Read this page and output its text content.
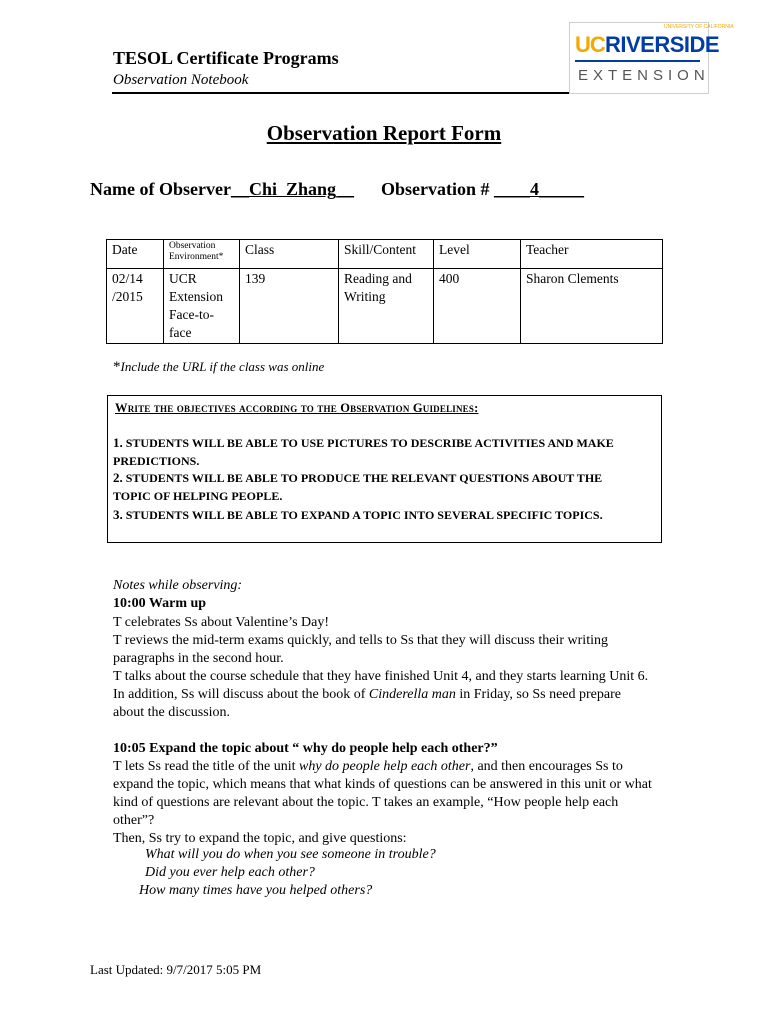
TESOL Certificate Programs
Observation Notebook
UNIVERSITY OF CALIFORNIA
UC RIVERSIDE
EXTENSION
Observation Report Form
Name of Observer__Chi  Zhang__ Observation # ____4_____
Date	Observation Environment*	Class	Skill/Content	Level	Teacher
02/14 /2015	UCR Extension Face-to-face	139	Reading and Writing	400	Sharon Clements
*Include the URL if the class was online
Write the objectives according to the Observation Guidelines:
1. STUDENTS WILL BE ABLE TO USE PICTURES TO DESCRIBE ACTIVITIES AND MAKE PREDICTIONS.
2. STUDENTS WILL BE ABLE TO PRODUCE THE RELEVANT QUESTIONS ABOUT THE TOPIC OF HELPING PEOPLE.
3. STUDENTS WILL BE ABLE TO EXPAND A TOPIC INTO SEVERAL SPECIFIC TOPICS.
Notes while observing:
10:00 Warm up
T celebrates Ss about Valentine’s Day!
T reviews the mid-term exams quickly, and tells to Ss that they will discuss their writing paragraphs in the second hour.
T talks about the course schedule that they have finished Unit 4, and they starts learning Unit 6. In addition, Ss will discuss about the book of Cinderella man in Friday, so Ss need prepare about the discussion.
10:05 Expand the topic about “ why do people help each other?”
T lets Ss read the title of the unit why do people help each other, and then encourages Ss to expand the topic, which means that what kinds of questions can be answered in this unit or what kind of questions are relevant about the topic. T takes an example, “How people help each other”?
Then, Ss try to expand the topic, and give questions:
What will you do when you see someone in trouble?
Did you ever help each other?
How many times have you helped others?
Last Updated: 9/7/2017 5:05 PM
